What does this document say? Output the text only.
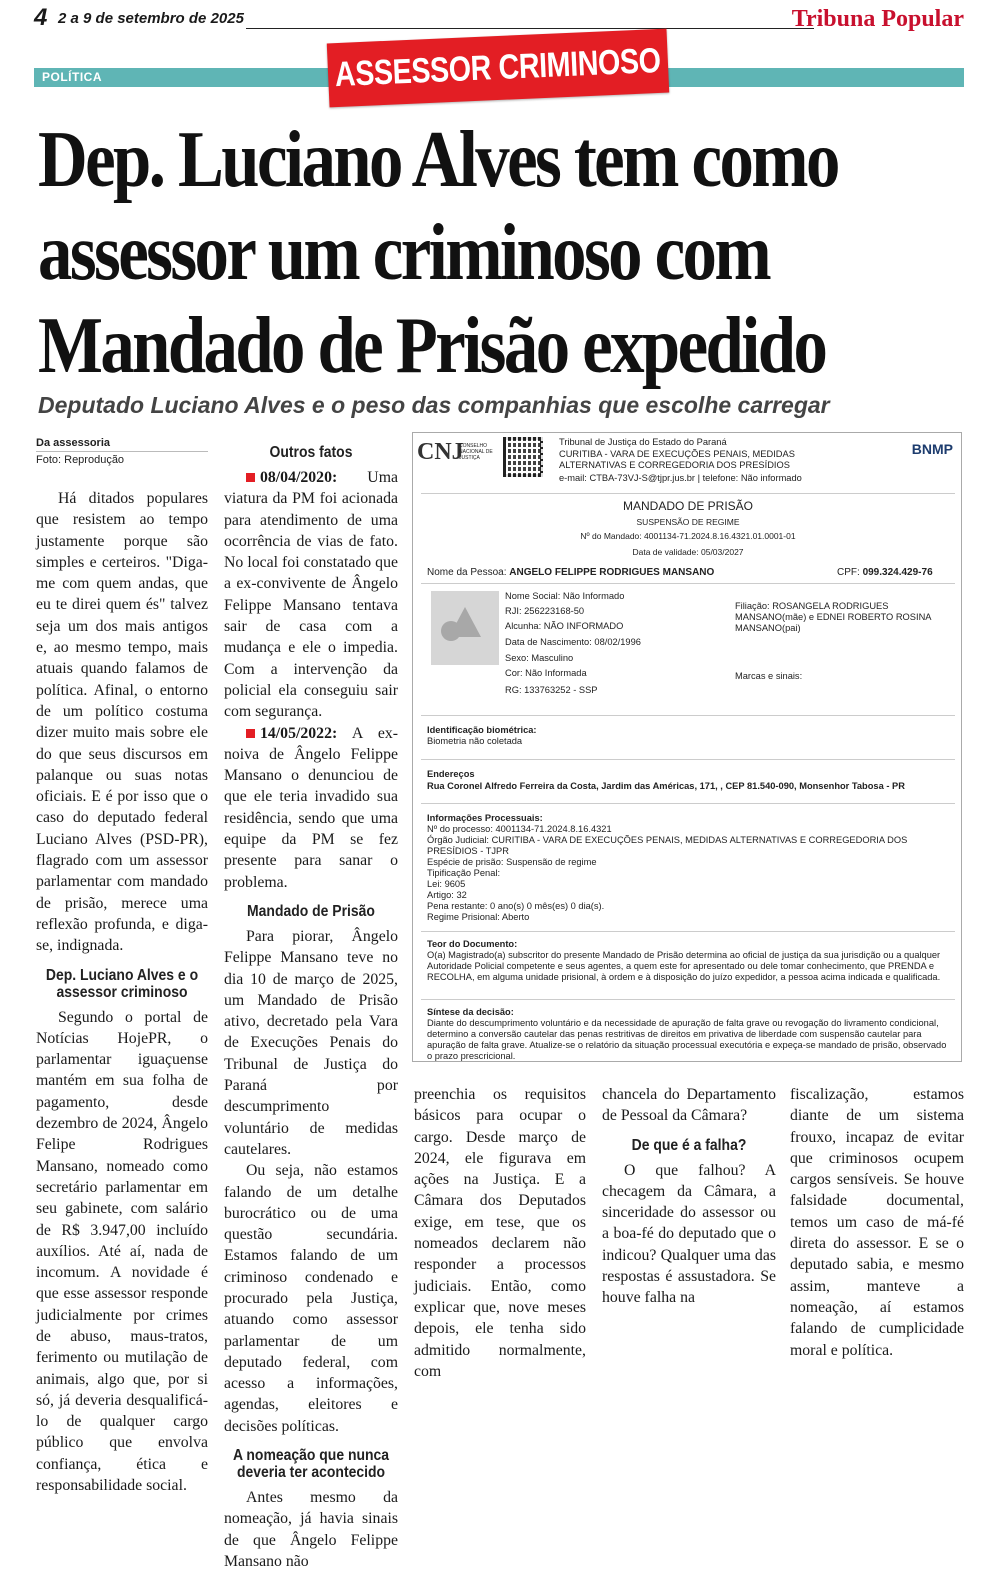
4 2 a 9 de setembro de 2025	Tribuna Popular
POLÍTICA	ASSESSOR CRIMINOSO
Dep. Luciano Alves tem como
assessor um criminoso com
Mandado de Prisão expedido
Deputado Luciano Alves e o peso das companhias que escolhe carregar
Da assessoria
Foto: Reprodução

Há ditados populares que resistem ao tempo justamente porque são simples e certeiros. "Diga-me com quem andas, que eu te direi quem és" talvez seja um dos mais antigos e, ao mesmo tempo, mais atuais quando falamos de política. Afinal, o entorno de um político costuma dizer muito mais sobre ele do que seus discursos em palanque ou suas notas oficiais. E é por isso que o caso do deputado federal Luciano Alves (PSD-PR), flagrado com um assessor parlamentar com mandado de prisão, merece uma reflexão profunda, e diga-se, indignada.

Dep. Luciano Alves e o assessor criminoso

Segundo o portal de Notícias HojePR, o parlamentar iguaçuense mantém em sua folha de pagamento, desde dezembro de 2024, Ângelo Felipe Rodrigues Mansano, nomeado como secretário parlamentar em seu gabinete, com salário de R$ 3.947,00 incluído auxílios. Até aí, nada de incomum. A novidade é que esse assessor responde judicialmente por crimes de abuso, maus-tratos, ferimento ou mutilação de animais, algo que, por si só, já deveria desqualificá-lo de qualquer cargo público que envolva confiança, ética e responsabilidade social.

Outros fatos

08/04/2020: Uma viatura da PM foi acionada para atendimento de uma ocorrência de vias de fato. No local foi constatado que a ex-convivente de Ângelo Felippe Mansano tentava sair de casa com a mudança e ele o impedia. Com a intervenção da policial ela conseguiu sair com segurança.

14/05/2022: A ex-noiva de Ângelo Felippe Mansano o denunciou de que ele teria invadido sua residência, sendo que uma equipe da PM se fez presente para sanar o problema.

Mandado de Prisão

Para piorar, Ângelo Felippe Mansano teve no dia 10 de março de 2025, um Mandado de Prisão ativo, decretado pela Vara de Execuções Penais do Tribunal de Justiça do Paraná por descumprimento voluntário de medidas cautelares.

Ou seja, não estamos falando de um detalhe burocrático ou de uma questão secundária. Estamos falando de um criminoso condenado e procurado pela Justiça, atuando como assessor parlamentar de um deputado federal, com acesso a informações, agendas, eleitores e decisões políticas.

A nomeação que nunca deveria ter acontecido

Antes mesmo da nomeação, já havia sinais de que Ângelo Felippe Mansano não

preenchia os requisitos básicos para ocupar o cargo. Desde março de 2024, ele figurava em ações na Justiça. E a Câmara dos Deputados exige, em tese, que os nomeados declarem não responder a processos judiciais. Então, como explicar que, nove meses depois, ele tenha sido admitido normalmente, com

chancela do Departamento de Pessoal da Câmara?

De que é a falha?

O que falhou? A checagem da Câmara, a sinceridade do assessor ou a boa-fé do deputado que o indicou? Qualquer uma das respostas é assustadora. Se houve falha na

fiscalização, estamos diante de um sistema frouxo, incapaz de evitar que criminosos ocupem cargos sensíveis. Se houve falsidade documental, temos um caso de má-fé direta do assessor. E se o deputado sabia, e mesmo assim, manteve a nomeação, aí estamos falando de cumplicidade moral e política.

CNJ
CONSELHO NACIONAL DE JUSTIÇA
Tribunal de Justiça do Estado do Paraná
CURITIBA - VARA DE EXECUÇÕES PENAIS, MEDIDAS
ALTERNATIVAS E CORREGEDORIA DOS PRESÍDIOS
e-mail: CTBA-73VJ-S@tjpr.jus.br | telefone: Não informado
BNMP
MANDADO DE PRISÃO
SUSPENSÃO DE REGIME
Nº do Mandado: 4001134-71.2024.8.16.4321.01.0001-01
Data de validade: 05/03/2027
Nome da Pessoa: ANGELO FELIPPE RODRIGUES MANSANO	CPF: 099.324.429-76
Nome Social: Não Informado
RJI: 256223168-50
Alcunha: NÃO INFORMADO
Data de Nascimento: 08/02/1996
Sexo: Masculino
Cor: Não Informada
RG: 133763252 - SSP
Filiação: ROSANGELA RODRIGUES MANSANO(mãe) e EDNEI ROBERTO ROSINA MANSANO(pai)
Marcas e sinais:
Identificação biométrica:
Biometria não coletada
Endereços
Rua Coronel Alfredo Ferreira da Costa, Jardim das Américas, 171, , CEP 81.540-090, Monsenhor Tabosa - PR
Informações Processuais:
Nº do processo: 4001134-71.2024.8.16.4321
Órgão Judicial: CURITIBA - VARA DE EXECUÇÕES PENAIS, MEDIDAS ALTERNATIVAS E CORREGEDORIA DOS PRESÍDIOS - TJPR
Espécie de prisão: Suspensão de regime
Tipificação Penal:
Lei: 9605
Artigo: 32
Pena restante: 0 ano(s) 0 mês(es) 0 dia(s).
Regime Prisional: Aberto
Teor do Documento:
O(a) Magistrado(a) subscritor do presente Mandado de Prisão determina ao oficial de justiça da sua jurisdição ou a qualquer Autoridade Policial competente e seus agentes, a quem este for apresentado ou dele tomar conhecimento, que PRENDA e RECOLHA, em alguma unidade prisional, à ordem e à disposição do juízo expedidor, a pessoa acima indicada e qualificada.
Síntese da decisão:
Diante do descumprimento voluntário e da necessidade de apuração de falta grave ou revogação do livramento condicional, determino a conversão cautelar das penas restritivas de direitos em privativa de liberdade com suspensão cautelar para apuração de falta grave. Atualize-se o relatório da situação processual executória e expeça-se mandado de prisão, observado o prazo prescricional.
